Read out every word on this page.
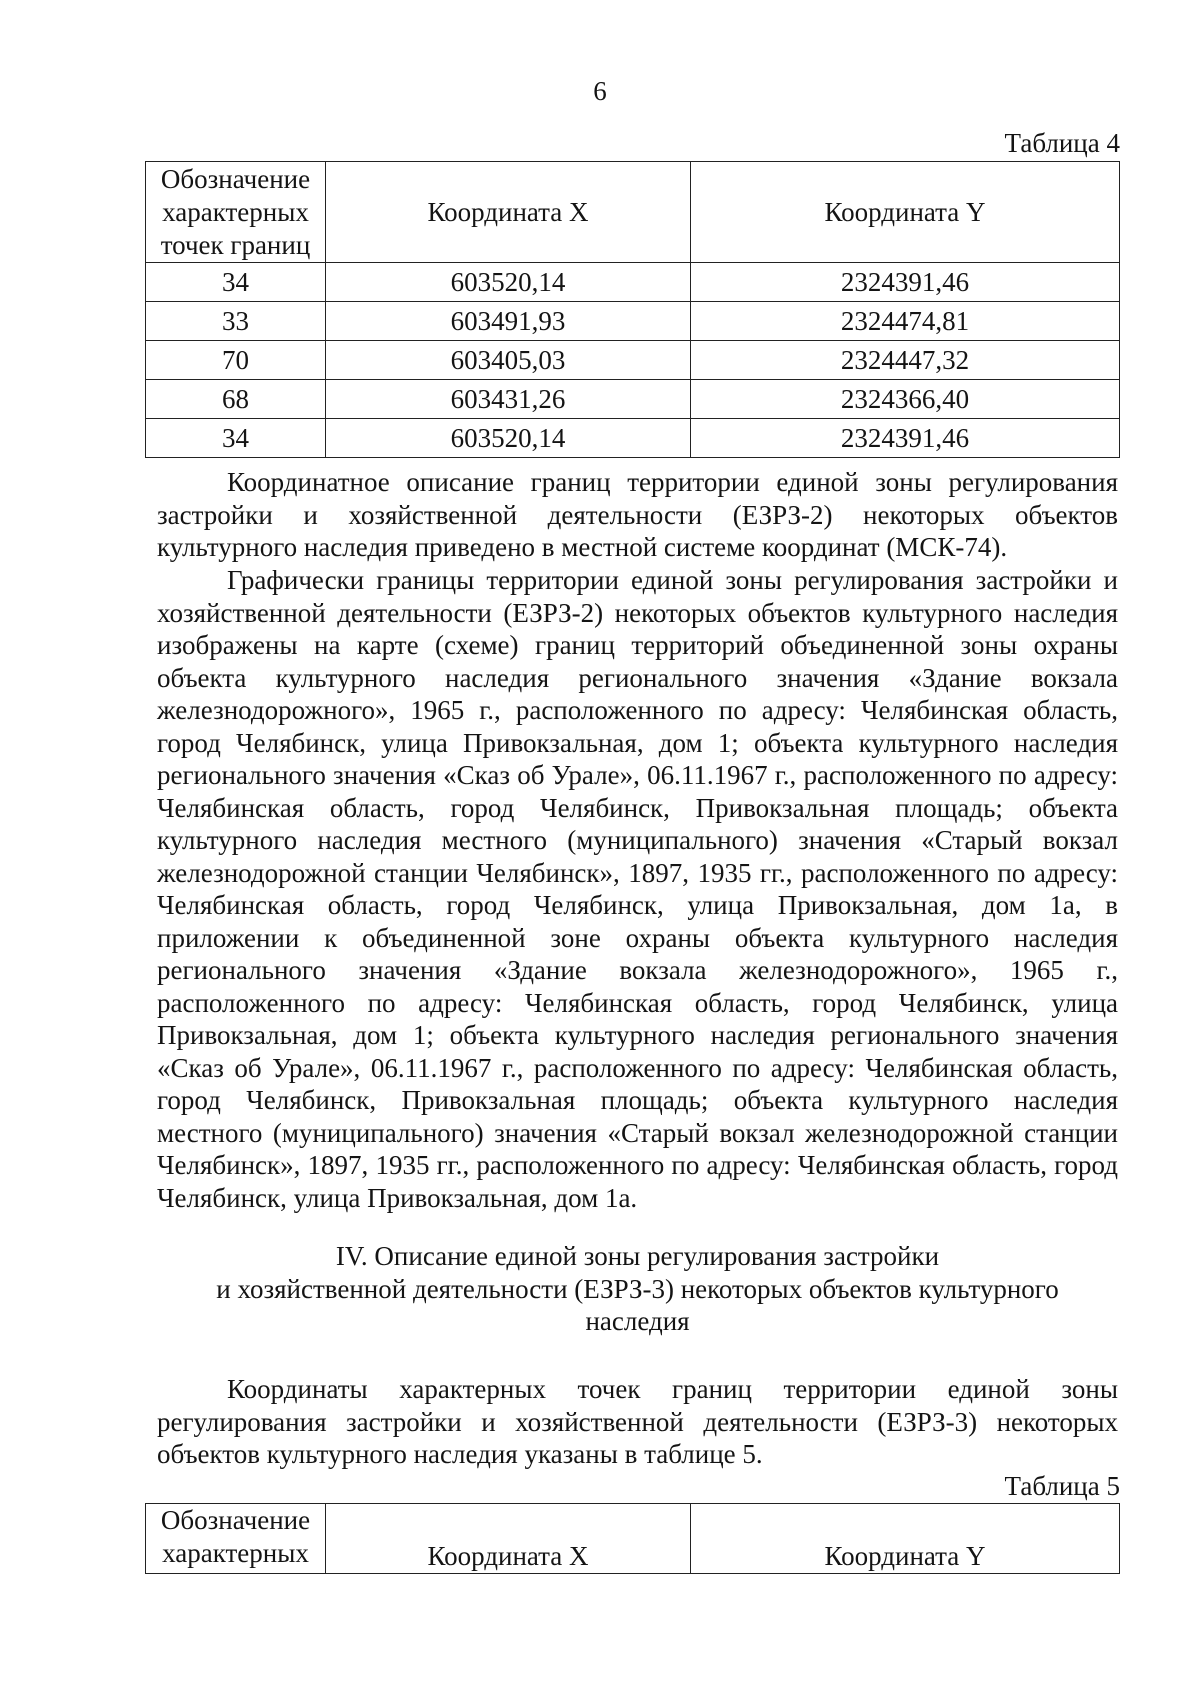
6
Таблица 4
Обозначение характерных точек границ	Координата X	Координата Y
34	603520,14	2324391,46
33	603491,93	2324474,81
70	603405,03	2324447,32
68	603431,26	2324366,40
34	603520,14	2324391,46

Координатное описание границ территории единой зоны регулирования застройки и хозяйственной деятельности (ЕЗРЗ-2) некоторых объектов культурного наследия приведено в местной системе координат (МСК-74).

Графически границы территории единой зоны регулирования застройки и хозяйственной деятельности (ЕЗРЗ-2) некоторых объектов культурного наследия изображены на карте (схеме) границ территорий объединенной зоны охраны объекта культурного наследия регионального значения «Здание вокзала железнодорожного», 1965 г., расположенного по адресу: Челябинская область, город Челябинск, улица Привокзальная, дом 1; объекта культурного наследия регионального значения «Сказ об Урале», 06.11.1967 г., расположенного по адресу: Челябинская область, город Челябинск, Привокзальная площадь; объекта культурного наследия местного (муниципального) значения «Старый вокзал железнодорожной станции Челябинск», 1897, 1935 гг., расположенного по адресу: Челябинская область, город Челябинск, улица Привокзальная, дом 1а, в приложении к объединенной зоне охраны объекта культурного наследия регионального значения «Здание вокзала железнодорожного», 1965 г., расположенного по адресу: Челябинская область, город Челябинск, улица Привокзальная, дом 1; объекта культурного наследия регионального значения «Сказ об Урале», 06.11.1967 г., расположенного по адресу: Челябинская область, город Челябинск, Привокзальная площадь; объекта культурного наследия местного (муниципального) значения «Старый вокзал железнодорожной станции Челябинск», 1897, 1935 гг., расположенного по адресу: Челябинская область, город Челябинск, улица Привокзальная, дом 1а.

IV. Описание единой зоны регулирования застройки
и хозяйственной деятельности (ЕЗРЗ-3) некоторых объектов культурного
наследия

Координаты характерных точек границ территории единой зоны регулирования застройки и хозяйственной деятельности (ЕЗРЗ-3) некоторых объектов культурного наследия указаны в таблице 5.

Таблица 5
Обозначение характерных	Координата X	Координата Y
